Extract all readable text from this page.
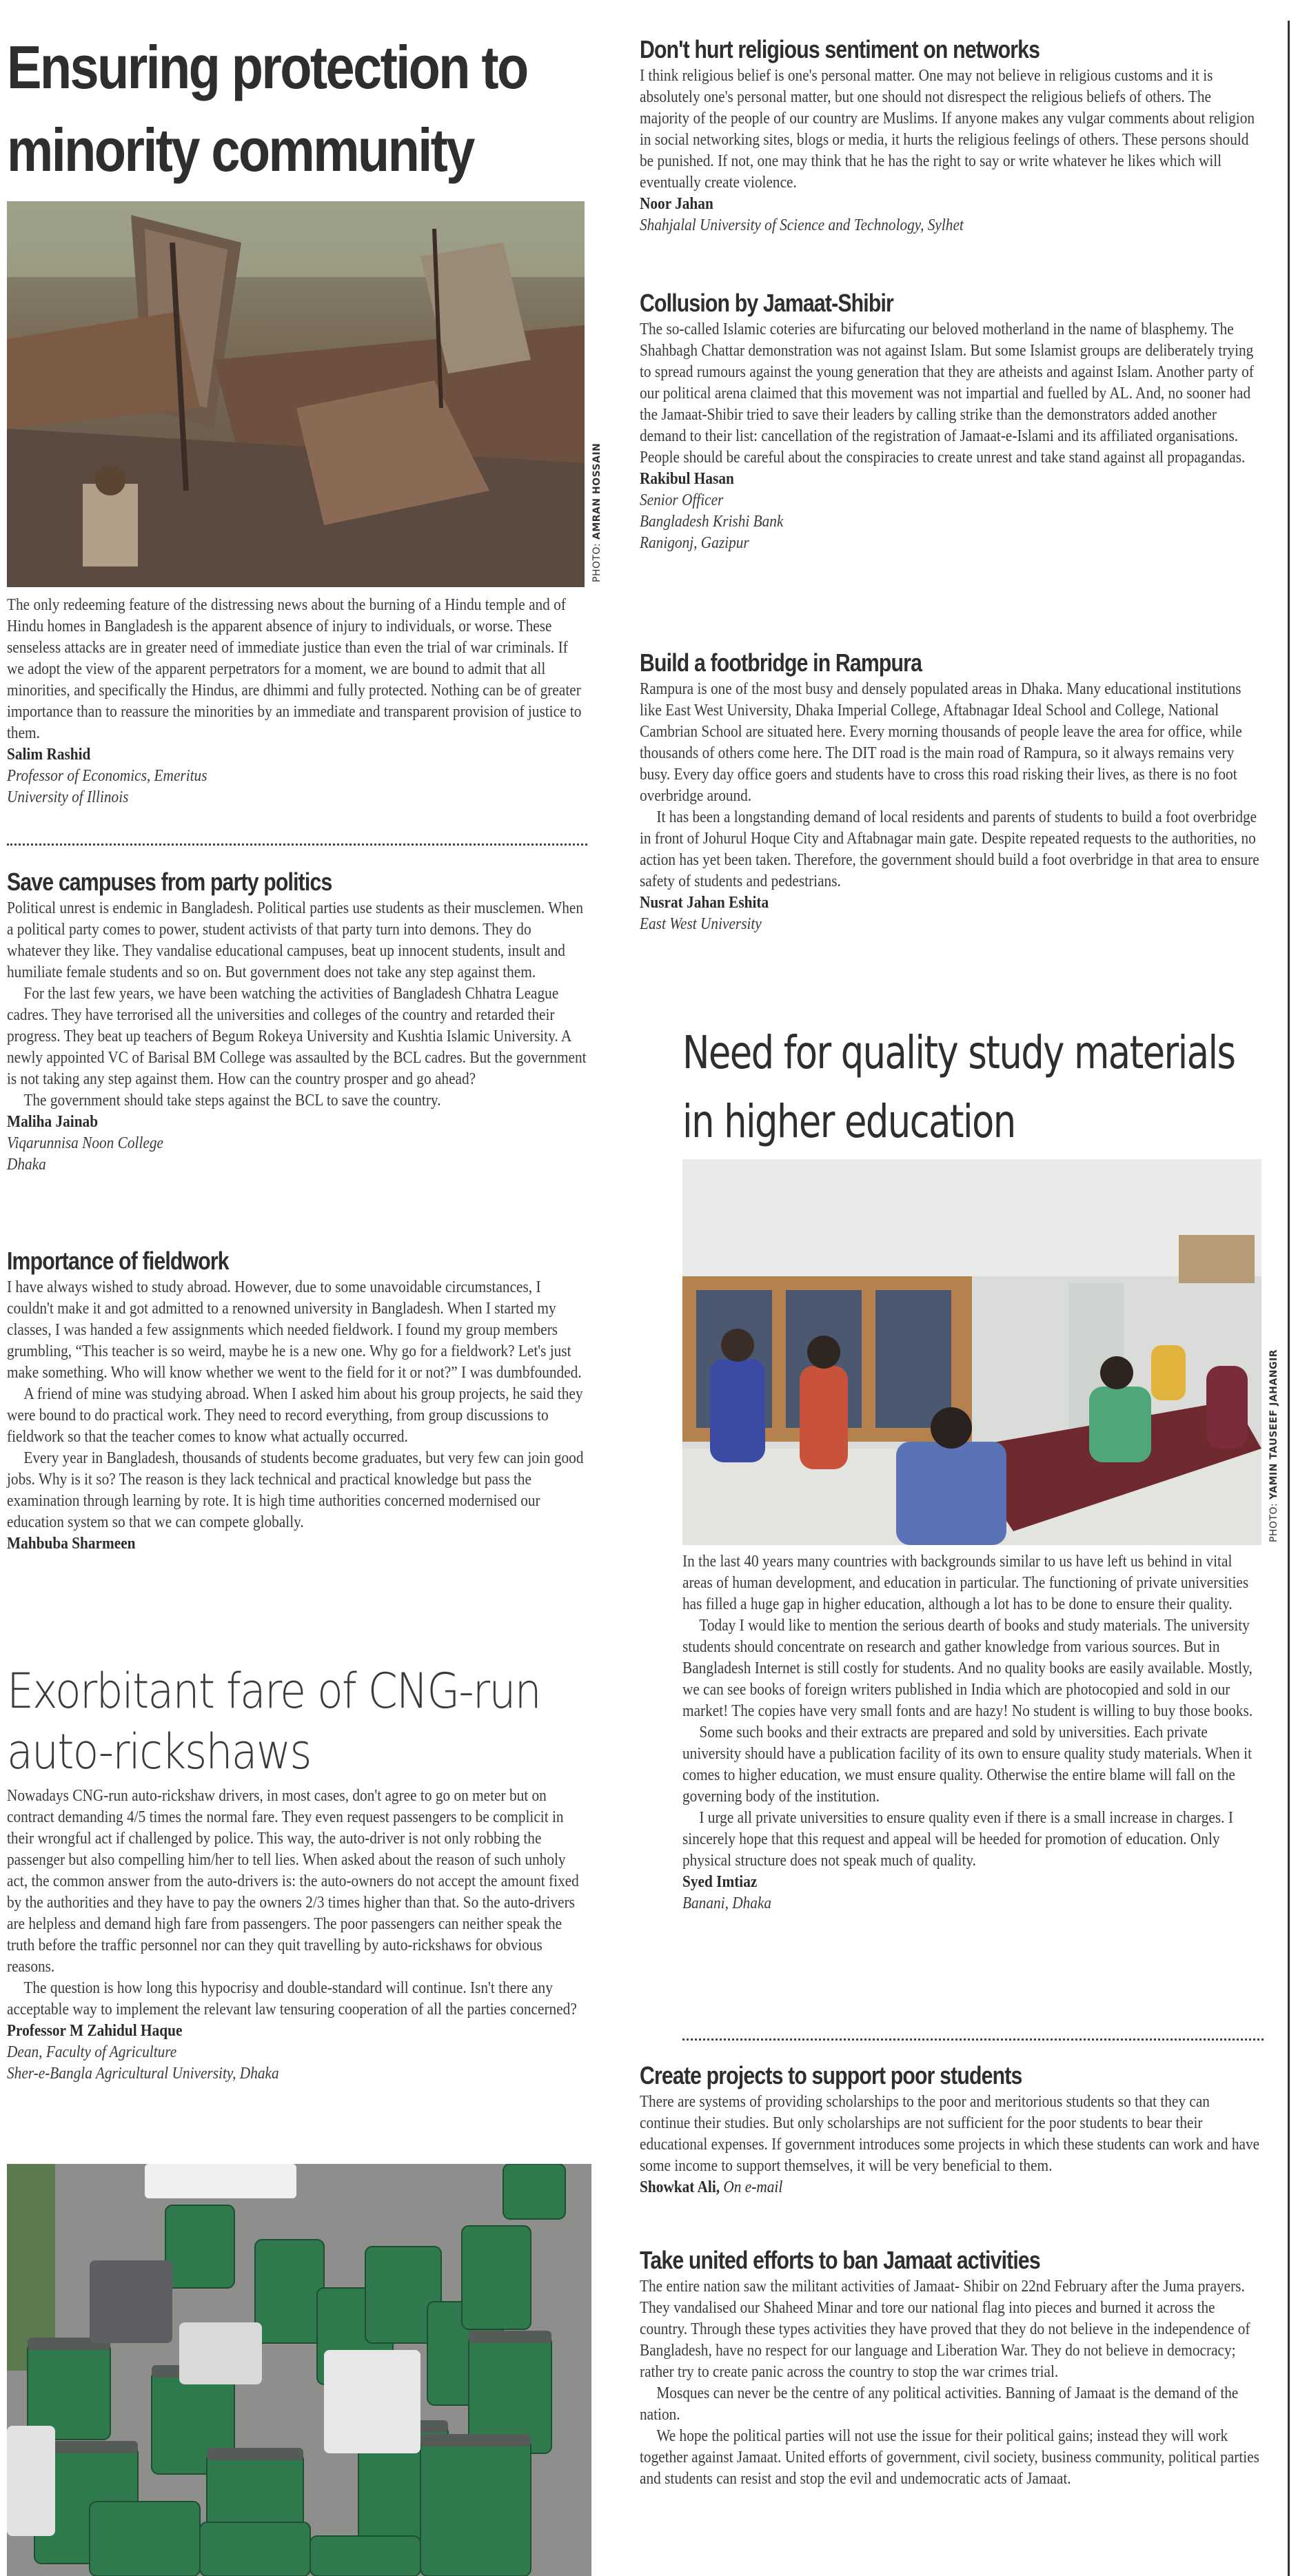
Ensuring protection to
minority community
PHOTO: AMRAN HOSSAIN

The only redeeming feature of the distressing news about the burning of a Hindu temple and of Hindu homes in Bangladesh is the apparent absence of injury to individuals, or worse. These senseless attacks are in greater need of immediate justice than even the trial of war criminals. If we adopt the view of the apparent perpetrators for a moment, we are bound to admit that all minorities, and specifically the Hindus, are dhimmi and fully protected. Nothing can be of greater importance than to reassure the minorities by an immediate and transparent provision of justice to them.

Salim Rashid
Professor of Economics, Emeritus
University of Illinois
Save campuses from party politics

Political unrest is endemic in Bangladesh. Political parties use students as their musclemen. When a political party comes to power, student activists of that party turn into demons. They do whatever they like. They vandalise educational campuses, beat up innocent students, insult and humiliate female students and so on. But government does not take any step against them.

For the last few years, we have been watching the activities of Bangladesh Chhatra League cadres. They have terrorised all the universities and colleges of the country and retarded their progress. They beat up teachers of Begum Rokeya University and Kushtia Islamic University. A newly appointed VC of Barisal BM College was assaulted by the BCL cadres. But the government is not taking any step against them. How can the country prosper and go ahead?

The government should take steps against the BCL to save the country.

Maliha Jainab
Viqarunnisa Noon College
Dhaka
Importance of fieldwork

I have always wished to study abroad. However, due to some unavoidable circumstances, I couldn't make it and got admitted to a renowned university in Bangladesh. When I started my classes, I was handed a few assignments which needed fieldwork. I found my group members grumbling, “This teacher is so weird, maybe he is a new one. Why go for a fieldwork? Let's just make something. Who will know whether we went to the field for it or not?” I was dumbfounded.

A friend of mine was studying abroad. When I asked him about his group projects, he said they were bound to do practical work. They need to record everything, from group discussions to fieldwork so that the teacher comes to know what actually occurred.

Every year in Bangladesh, thousands of students become graduates, but very few can join good jobs. Why is it so? The reason is they lack technical and practical knowledge but pass the examination through learning by rote. It is high time authorities concerned modernised our education system so that we can compete globally.

Mahbuba Sharmeen
Exorbitant fare of CNG-run
auto-rickshaws

Nowadays CNG-run auto-rickshaw drivers, in most cases, don't agree to go on meter but on contract demanding 4/5 times the normal fare. They even request passengers to be complicit in their wrongful act if challenged by police. This way, the auto-driver is not only robbing the passenger but also compelling him/her to tell lies. When asked about the reason of such unholy act, the common answer from the auto-drivers is: the auto-owners do not accept the amount fixed by the authorities and they have to pay the owners 2/3 times higher than that. So the auto-drivers are helpless and demand high fare from passengers. The poor passengers can neither speak the truth before the traffic personnel nor can they quit travelling by auto-rickshaws for obvious reasons.

The question is how long this hypocrisy and double-standard will continue. Isn't there any acceptable way to implement the relevant law tensuring cooperation of all the parties concerned?

Professor M Zahidul Haque
Dean, Faculty of Agriculture
Sher-e-Bangla Agricultural University, Dhaka
Don't hurt religious sentiment on networks

I think religious belief is one's personal matter. One may not believe in religious customs and it is absolutely one's personal matter, but one should not disrespect the religious beliefs of others. The majority of the people of our country are Muslims. If anyone makes any vulgar comments about religion in social networking sites, blogs or media, it hurts the religious feelings of others. These persons should be punished. If not, one may think that he has the right to say or write whatever he likes which will eventually create violence.

Noor Jahan
Shahjalal University of Science and Technology, Sylhet
Collusion by Jamaat-Shibir

The so-called Islamic coteries are bifurcating our beloved motherland in the name of blasphemy. The Shahbagh Chattar demonstration was not against Islam. But some Islamist groups are deliberately trying to spread rumours against the young generation that they are atheists and against Islam. Another party of our political arena claimed that this movement was not impartial and fuelled by AL. And, no sooner had the Jamaat-Shibir tried to save their leaders by calling strike than the demonstrators added another demand to their list: cancellation of the registration of Jamaat-e-Islami and its affiliated organisations. People should be careful about the conspiracies to create unrest and take stand against all propagandas.

Rakibul Hasan
Senior Officer
Bangladesh Krishi Bank
Ranigonj, Gazipur
Build a footbridge in Rampura

Rampura is one of the most busy and densely populated areas in Dhaka. Many educational institutions like East West University, Dhaka Imperial College, Aftabnagar Ideal School and College, National Cambrian School are situated here. Every morning thousands of people leave the area for office, while thousands of others come here. The DIT road is the main road of Rampura, so it always remains very busy. Every day office goers and students have to cross this road risking their lives, as there is no foot overbridge around.

It has been a longstanding demand of local residents and parents of students to build a foot overbridge in front of Johurul Hoque City and Aftabnagar main gate. Despite repeated requests to the authorities, no action has yet been taken. Therefore, the government should build a foot overbridge in that area to ensure safety of students and pedestrians.

Nusrat Jahan Eshita
East West University
Need for quality study materials
in higher education
PHOTO: YAMIN TAUSEEF JAHANGIR

In the last 40 years many countries with backgrounds similar to us have left us behind in vital areas of human development, and education in particular. The functioning of private universities has filled a huge gap in higher education, although a lot has to be done to ensure their quality.

Today I would like to mention the serious dearth of books and study materials. The university students should concentrate on research and gather knowledge from various sources. But in Bangladesh Internet is still costly for students. And no quality books are easily available. Mostly, we can see books of foreign writers published in India which are photocopied and sold in our market! The copies have very small fonts and are hazy! No student is willing to buy those books.

Some such books and their extracts are prepared and sold by universities. Each private university should have a publication facility of its own to ensure quality study materials. When it comes to higher education, we must ensure quality. Otherwise the entire blame will fall on the governing body of the institution.

I urge all private universities to ensure quality even if there is a small increase in charges. I sincerely hope that this request and appeal will be heeded for promotion of education. Only physical structure does not speak much of quality.

Syed Imtiaz
Banani, Dhaka
Create projects to support poor students

There are systems of providing scholarships to the poor and meritorious students so that they can continue their studies. But only scholarships are not sufficient for the poor students to bear their educational expenses. If government introduces some projects in which these students can work and have some income to support themselves, it will be very beneficial to them.

Showkat Ali, On e-mail
Take united efforts to ban Jamaat activities

The entire nation saw the militant activities of Jamaat- Shibir on 22nd February after the Juma prayers. They vandalised our Shaheed Minar and tore our national flag into pieces and burned it across the country. Through these types activities they have proved that they do not believe in the independence of Bangladesh, have no respect for our language and Liberation War. They do not believe in democracy; rather try to create panic across the country to stop the war crimes trial.

Mosques can never be the centre of any political activities. Banning of Jamaat is the demand of the nation.

We hope the political parties will not use the issue for their political gains; instead they will work together against Jamaat. United efforts of government, civil society, business community, political parties and students can resist and stop the evil and undemocratic acts of Jamaat.
